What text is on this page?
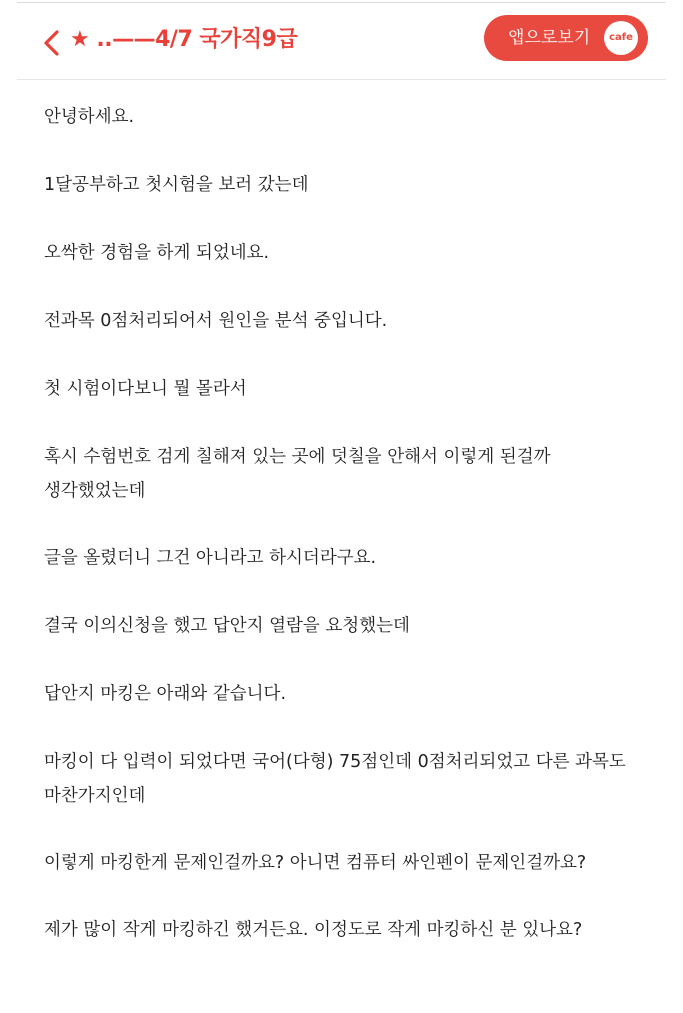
★ ..——4/7 국가직9급	앱으로보기	cafe

안녕하세요.

1달공부하고 첫시험을 보러 갔는데

오싹한 경험을 하게 되었네요.

전과목 0점처리되어서 원인을 분석 중입니다.

첫 시험이다보니 뭘 몰라서

혹시 수험번호 검게 칠해져 있는 곳에 덧칠을 안해서 이렇게 된걸까 생각했었는데

글을 올렸더니 그건 아니라고 하시더라구요.

결국 이의신청을 했고 답안지 열람을 요청했는데

답안지 마킹은 아래와 같습니다.

마킹이 다 입력이 되었다면 국어(다형) 75점인데 0점처리되었고 다른 과목도 마찬가지인데

이렇게 마킹한게 문제인걸까요? 아니면 컴퓨터 싸인펜이 문제인걸까요?

제가 많이 작게 마킹하긴 했거든요. 이정도로 작게 마킹하신 분 있나요?
